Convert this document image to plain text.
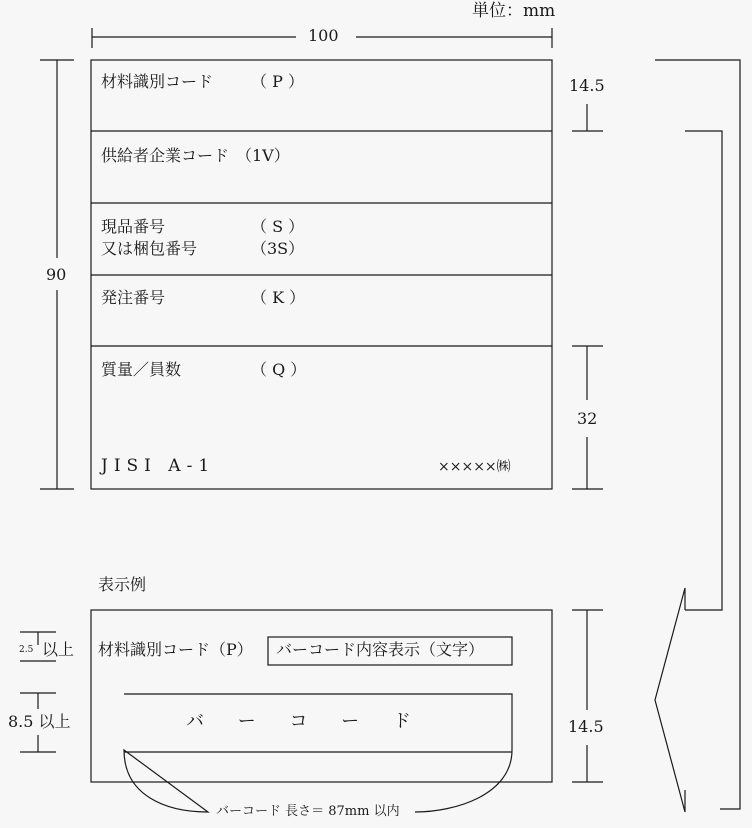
単位：mm
100
90
14.5
32
材料識別コード （ P ）
供給者企業コード （1V）
現品番号	（ S ）
又は梱包番号	（3S）
発注番号	（ K ）
質量／員数	（ Q ）
JISI A-1	×××××㈱
表示例
材料識別コード（P） バーコード内容表示（文字）
バ ー コ ー ド
バーコード 長さ＝ 87mm 以内
2.5 以上
8.5 以上	14.5
